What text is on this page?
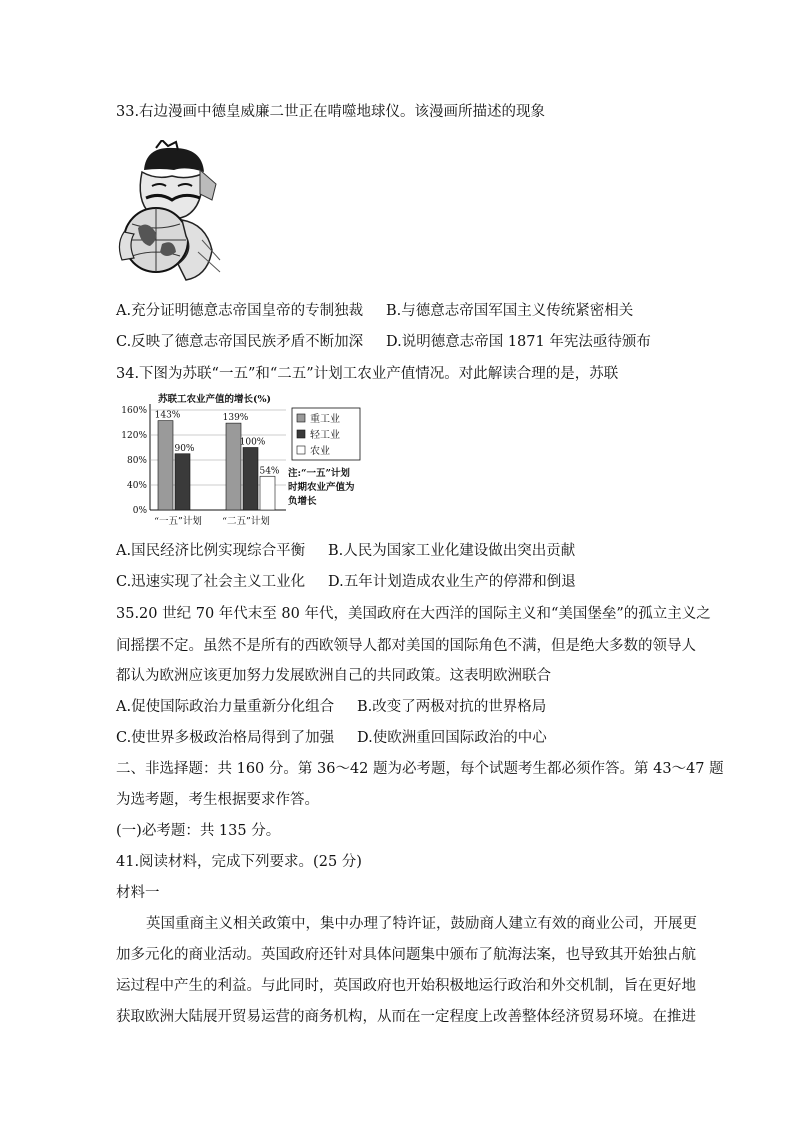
33.右边漫画中德皇威廉二世正在啃噬地球仪。该漫画所描述的现象
A.充分证明德意志帝国皇帝的专制独裁 B.与德意志帝国军国主义传统紧密相关
C.反映了德意志帝国民族矛盾不断加深 D.说明德意志帝国 1871 年宪法亟待颁布
34.下图为苏联“一五”和“二五”计划工农业产值情况。对此解读合理的是，苏联
苏联工农业产值的增长(%)
160%
120%
80%
40%
0%
143%
90%
139%
100%
54%
“一五”计划 “二五”计划
重工业
轻工业
农业
注:“一五”计划
时期农业产值为
负增长
A.国民经济比例实现综合平衡 B.人民为国家工业化建设做出突出贡献
C.迅速实现了社会主义工业化 D.五年计划造成农业生产的停滞和倒退
35.20 世纪 70 年代末至 80 年代，美国政府在大西洋的国际主义和“美国堡垒”的孤立主义之
间摇摆不定。虽然不是所有的西欧领导人都对美国的国际角色不满，但是绝大多数的领导人
都认为欧洲应该更加努力发展欧洲自己的共同政策。这表明欧洲联合
A.促使国际政治力量重新分化组合 B.改变了两极对抗的世界格局
C.使世界多极政治格局得到了加强 D.使欧洲重回国际政治的中心
二、非选择题：共 160 分。第 36～42 题为必考题，每个试题考生都必须作答。第 43～47 题
为选考题，考生根据要求作答。
(一)必考题：共 135 分。
41.阅读材料，完成下列要求。(25 分)
材料一
英国重商主义相关政策中，集中办理了特许证，鼓励商人建立有效的商业公司，开展更
加多元化的商业活动。英国政府还针对具体问题集中颁布了航海法案，也导致其开始独占航
运过程中产生的利益。与此同时，英国政府也开始积极地运行政治和外交机制，旨在更好地
获取欧洲大陆展开贸易运营的商务机构，从而在一定程度上改善整体经济贸易环境。在推进
